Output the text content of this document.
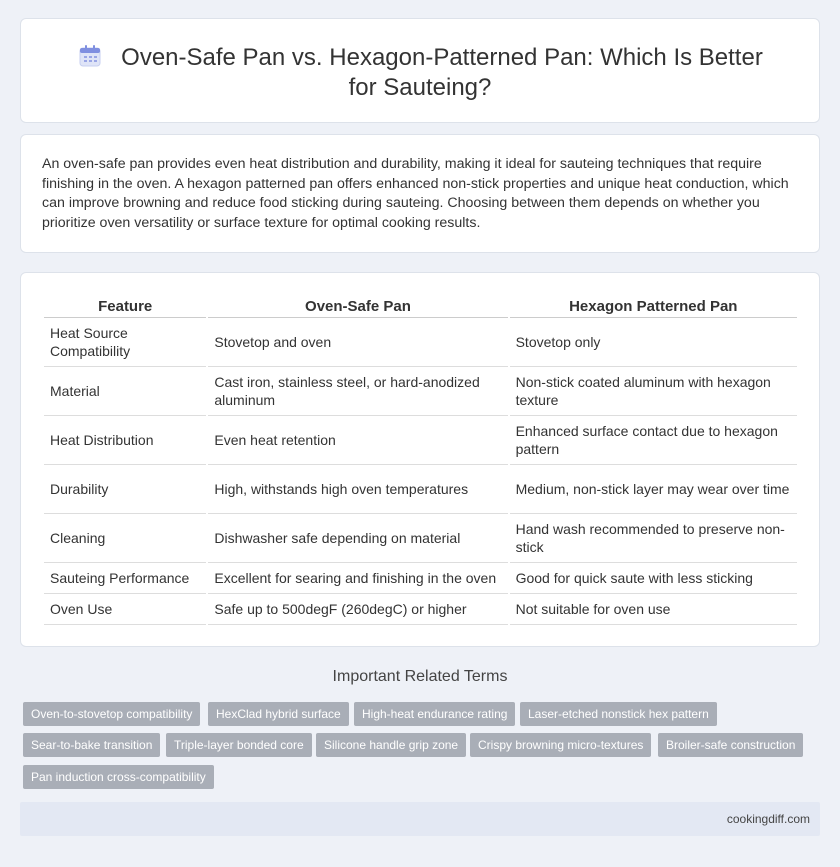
Oven-Safe Pan vs. Hexagon-Patterned Pan: Which Is Better for Sauteing?

An oven-safe pan provides even heat distribution and durability, making it ideal for sauteing techniques that require finishing in the oven. A hexagon patterned pan offers enhanced non-stick properties and unique heat conduction, which can improve browning and reduce food sticking during sauteing. Choosing between them depends on whether you prioritize oven versatility or surface texture for optimal cooking results.

Feature	Oven-Safe Pan	Hexagon Patterned Pan
Heat Source Compatibility	Stovetop and oven	Stovetop only
Material	Cast iron, stainless steel, or hard-anodized aluminum	Non-stick coated aluminum with hexagon texture
Heat Distribution	Even heat retention	Enhanced surface contact due to hexagon pattern
Durability	High, withstands high oven temperatures	Medium, non-stick layer may wear over time
Cleaning	Dishwasher safe depending on material	Hand wash recommended to preserve non-stick
Sauteing Performance	Excellent for searing and finishing in the oven	Good for quick saute with less sticking
Oven Use	Safe up to 500degF (260degC) or higher	Not suitable for oven use
Important Related Terms
Oven-to-stovetop compatibility	HexClad hybrid surface	High-heat endurance rating	Laser-etched nonstick hex pattern
Sear-to-bake transition	Triple-layer bonded core	Silicone handle grip zone	Crispy browning micro-textures	Broiler-safe construction
Pan induction cross-compatibility
cookingdiff.com
